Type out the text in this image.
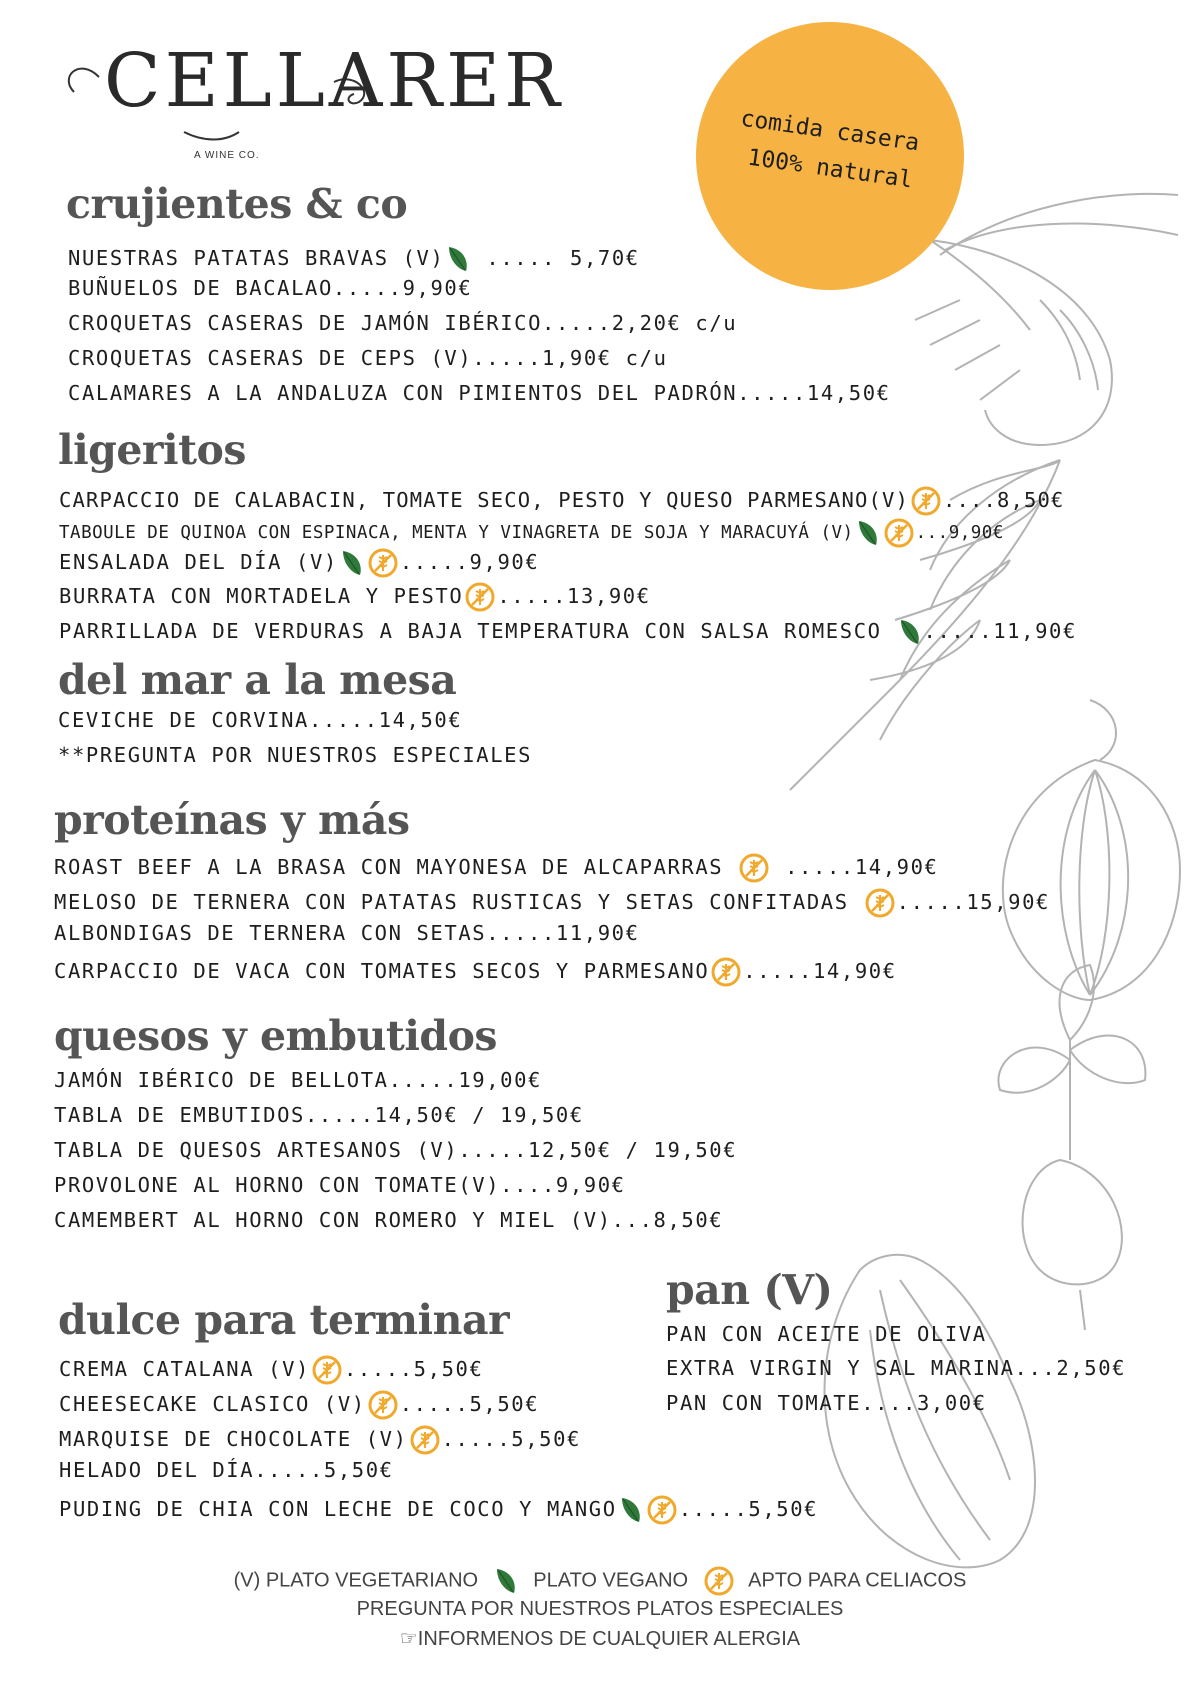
CELLARER
A WINE CO.	comida casera
100% natural
crujientes & co

NUESTRAS PATATAS BRAVAS (V) ..... 5,70€

BUÑUELOS DE BACALAO.....9,90€

CROQUETAS CASERAS DE JAMÓN IBÉRICO.....2,20€ c/u

CROQUETAS CASERAS DE CEPS (V).....1,90€ c/u

CALAMARES A LA ANDALUZA CON PIMIENTOS DEL PADRÓN.....14,50€

ligeritos

CARPACCIO DE CALABACIN, TOMATE SECO, PESTO Y QUESO PARMESANO(V) ....8,50€

TABOULE DE QUINOA CON ESPINACA, MENTA Y VINAGRETA DE SOJA Y MARACUYÁ (V)	...9,90€

ENSALADA DEL DÍA (V)	.....9,90€

BURRATA CON MORTADELA Y PESTO .....13,90€

PARRILLADA DE VERDURAS A BAJA TEMPERATURA CON SALSA ROMESCO .....11,90€

del mar a la mesa

CEVICHE DE CORVINA.....14,50€

**PREGUNTA POR NUESTROS ESPECIALES

proteínas y más

ROAST BEEF A LA BRASA CON MAYONESA DE ALCAPARRAS  .....14,90€

MELOSO DE TERNERA CON PATATAS RUSTICAS Y SETAS CONFITADAS .....15,90€

ALBONDIGAS DE TERNERA CON SETAS.....11,90€

CARPACCIO DE VACA CON TOMATES SECOS Y PARMESANO .....14,90€

quesos y embutidos

JAMÓN IBÉRICO DE BELLOTA.....19,00€

TABLA DE EMBUTIDOS.....14,50€ / 19,50€

TABLA DE QUESOS ARTESANOS (V).....12,50€ / 19,50€

PROVOLONE AL HORNO CON TOMATE(V)....9,90€

CAMEMBERT AL HORNO CON ROMERO Y MIEL (V)...8,50€

pan (V)

PAN CON ACEITE DE OLIVA

EXTRA VIRGIN Y SAL MARINA...2,50€

PAN CON TOMATE....3,00€

dulce para terminar

CREMA CATALANA (V) .....5,50€

CHEESECAKE CLASICO (V) .....5,50€

MARQUISE DE CHOCOLATE (V) .....5,50€

HELADO DEL DÍA.....5,50€

PUDING DE CHIA CON LECHE DE COCO Y MANGO	.....5,50€

(V) PLATO VEGETARIANO	PLATO VEGANO	APTO PARA CELIACOS

PREGUNTA POR NUESTROS PLATOS ESPECIALES

☞INFORMENOS DE CUALQUIER ALERGIA
